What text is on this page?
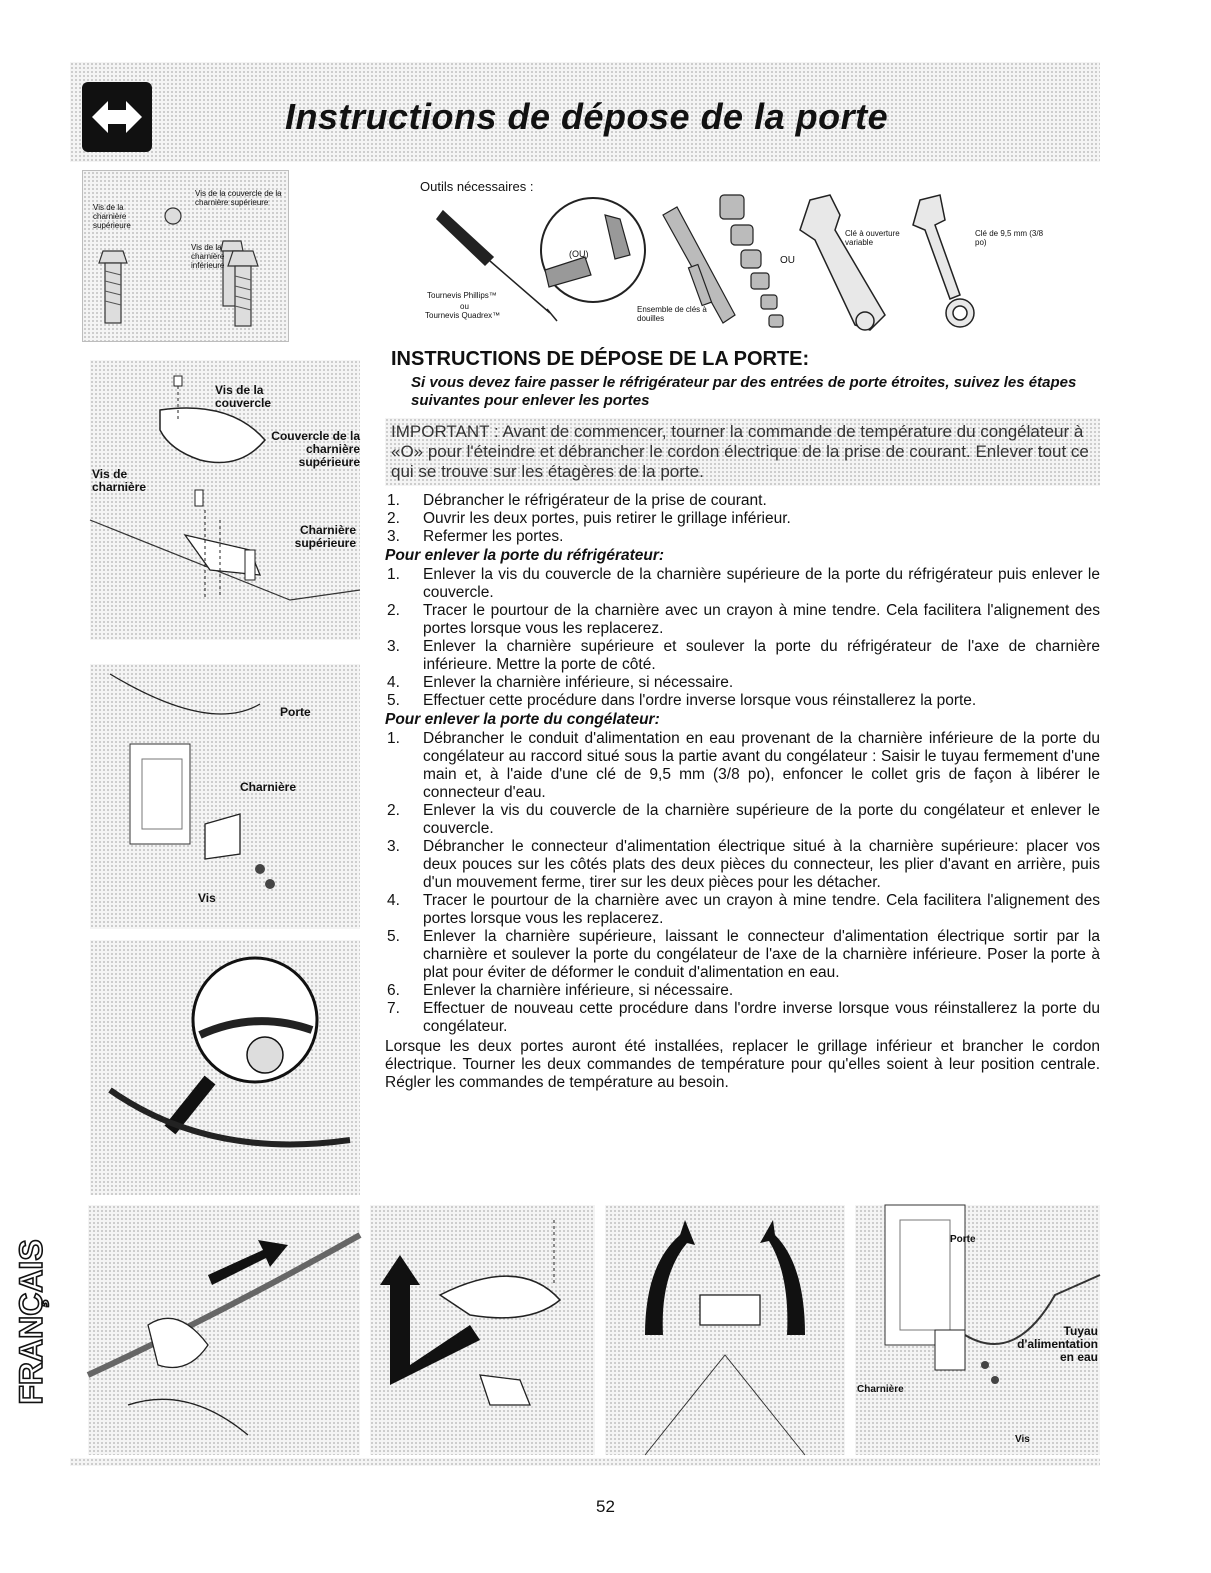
Instructions de dépose de la porte
Vis de la charnière supérieure
Vis de la couvercle de la charnière supérieure
Vis de la charnière inférieure
Outils nécessaires :
Tournevis Phillips™
ou
Tournevis Quadrex™
(OU)
Ensemble de clés à douilles
OU
Clé à ouverture variable
Clé de 9,5 mm (3/8 po)
Vis de la couvercle
Couvercle de la charnière supérieure
Vis de charnière
Charnière supérieure
Porte
Charnière
Vis
INSTRUCTIONS DE DÉPOSE DE LA PORTE:
Si vous devez faire passer le réfrigérateur par des entrées de porte étroites, suivez les étapes suivantes pour enlever les portes
IMPORTANT : Avant de commencer, tourner la commande de température du congélateur à «O» pour l'éteindre et débrancher le cordon électrique de la prise de courant. Enlever tout ce qui se trouve sur les étagères de la porte.
1. Débrancher le réfrigérateur de la prise de courant.
2. Ouvrir les deux portes, puis retirer le grillage inférieur.
3. Refermer les portes.
Pour enlever la porte du réfrigérateur:
1. Enlever la vis du couvercle de la charnière supérieure de la porte du réfrigérateur puis enlever le couvercle.
2. Tracer le pourtour de la charnière avec un crayon à mine tendre. Cela facilitera l'alignement des portes lorsque vous les replacerez.
3. Enlever la charnière supérieure et soulever la porte du réfrigérateur de l'axe de charnière inférieure. Mettre la porte de côté.
4. Enlever la charnière inférieure, si nécessaire.
5. Effectuer cette procédure dans l'ordre inverse lorsque vous réinstallerez la porte.
Pour enlever la porte du congélateur:
1. Débrancher le conduit d'alimentation en eau provenant de la charnière inférieure de la porte du congélateur au raccord situé sous la partie avant du congélateur : Saisir le tuyau fermement d'une main et, à l'aide d'une clé de 9,5 mm (3/8 po), enfoncer le collet gris de façon à libérer le connecteur d'eau.
2. Enlever la vis du couvercle de la charnière supérieure de la porte du congélateur et enlever le couvercle.
3. Débrancher le connecteur d'alimentation électrique situé à la charnière supérieure: placer vos deux pouces sur les côtés plats des deux pièces du connecteur, les plier d'avant en arrière, puis d'un mouvement ferme, tirer sur les deux pièces pour les détacher.
4. Tracer le pourtour de la charnière avec un crayon à mine tendre. Cela facilitera l'alignement des portes lorsque vous les replacerez.
5. Enlever la charnière supérieure, laissant le connecteur d'alimentation électrique sortir par la charnière et soulever la porte du congélateur de l'axe de la charnière inférieure. Poser la porte à plat pour éviter de déformer le conduit d'alimentation en eau.
6. Enlever la charnière inférieure, si nécessaire.
7. Effectuer de nouveau cette procédure dans l'ordre inverse lorsque vous réinstallerez la porte du congélateur.
Lorsque les deux portes auront été installées, replacer le grillage inférieur et brancher le cordon électrique. Tourner les deux commandes de température pour qu'elles soient à leur position centrale. Régler les commandes de température au besoin.
FRANÇAIS	Porte
Tuyau d'alimentation en eau
Charnière
Vis
52
